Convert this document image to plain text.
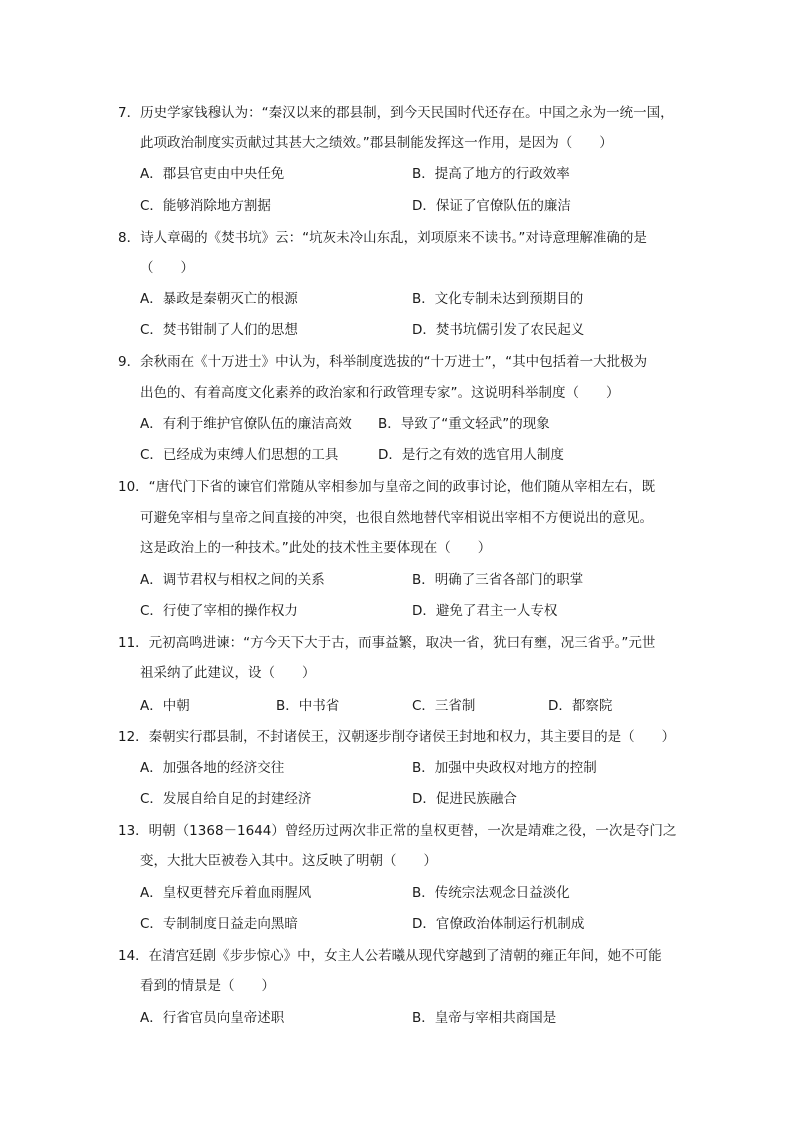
7．历史学家钱穆认为：“秦汉以来的郡县制，到今天民国时代还存在。中国之永为一统一国，
此项政治制度实贡献过其甚大之绩效。”郡县制能发挥这一作用，是因为（　　）
A．郡县官吏由中央任免	B．提高了地方的行政效率
C．能够消除地方割据	D．保证了官僚队伍的廉洁
8．诗人章碣的《焚书坑》云：“坑灰未冷山东乱，刘项原来不读书。”对诗意理解准确的是
（　　）
A．暴政是秦朝灭亡的根源	B．文化专制未达到预期目的
C．焚书钳制了人们的思想	D．焚书坑儒引发了农民起义
9．余秋雨在《十万进士》中认为，科举制度选拔的“十万进士”，“其中包括着一大批极为
出色的、有着高度文化素养的政治家和行政管理专家”。这说明科举制度（　　）
A．有利于维护官僚队伍的廉洁高效 B．导致了“重文轻武”的现象
C．已经成为束缚人们思想的工具	D．是行之有效的选官用人制度
10．“唐代门下省的谏官们常随从宰相参加与皇帝之间的政事讨论，他们随从宰相左右，既
可避免宰相与皇帝之间直接的冲突，也很自然地替代宰相说出宰相不方便说出的意见。
这是政治上的一种技术。”此处的技术性主要体现在（　　）
A．调节君权与相权之间的关系	B．明确了三省各部门的职掌
C．行使了宰相的操作权力	D．避免了君主一人专权
11．元初高鸣进谏：“方今天下大于古，而事益繁，取决一省，犹曰有壅，况三省乎。”元世
祖采纳了此建议，设（　　）
A．中朝	B．中书省	C．三省制	D．都察院
12．秦朝实行郡县制，不封诸侯王，汉朝逐步削夺诸侯王封地和权力，其主要目的是（　　）
A．加强各地的经济交往	B．加强中央政权对地方的控制
C．发展自给自足的封建经济	D．促进民族融合
13．明朝（1368－1644）曾经历过两次非正常的皇权更替，一次是靖难之役，一次是夺门之
变，大批大臣被卷入其中。这反映了明朝（　　）
A．皇权更替充斥着血雨腥风	B．传统宗法观念日益淡化
C．专制制度日益走向黑暗	D．官僚政治体制运行机制成
14．在清宫廷剧《步步惊心》中，女主人公若曦从现代穿越到了清朝的雍正年间，她不可能
看到的情景是（　　）
A．行省官员向皇帝述职	B．皇帝与宰相共商国是
